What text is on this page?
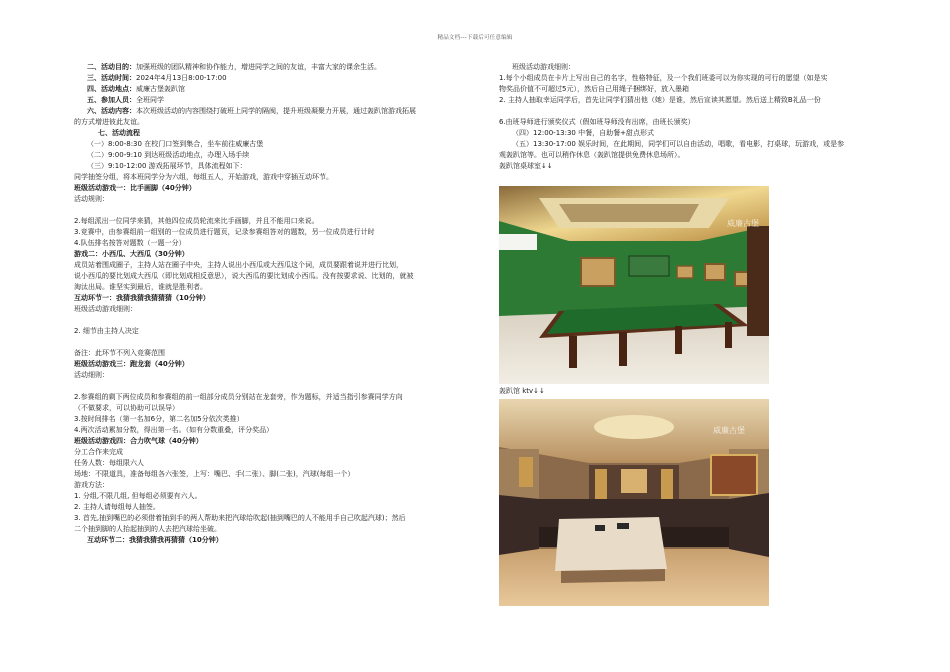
精品文档---下载后可任意编辑
二、活动目的：加强班级的团队精神和协作能力，增进同学之间的友谊，丰富大家的课余生活。
三、活动时间：2024年4月13日8:00-17:00
四、活动地点：威廉古堡轰趴馆
五、参加人员：全班同学
六、活动内容：本次班级活动的内容围绕打破班上同学的隔阂，提升班级凝聚力开展，通过轰趴馆游戏拓展
的方式增进彼此友谊。
七、活动流程
（一）8:00-8:30 在校门口签到集合，坐车前往威廉古堡
（二）9:00-9:10 到达班级活动地点，办理入场手续
（三）9:10-12:00 游戏拓展环节，具体流程如下：
同学抽签分组，将本班同学分为六组，每组五人，开始游戏，游戏中穿插互动环节。
班级活动游戏一：比手画脚（40分钟）
活动规则：
2.每组派出一位同学来猜，其他四位成员轮流来比手画脚，并且不能用口来说。
3.竞赛中，由参赛组前一组别的一位成员进行题页，记录参赛组答对的题数，另一位成员进行计时
4.队伍排名按答对题数（一题一分）
游戏二：小西瓜、大西瓜（30分钟）
成员站着围成圈子，主持人站在圈子中央，主持人说出小西瓜或大西瓜这个词，成员要跟着说并进行比划，
说小西瓜的要比划成大西瓜（即比划成相反意思），说大西瓜的要比划成小西瓜。没有按要求说、比划的，就被
淘汰出局。谁坚实到最后，谁就是胜利者。
互动环节一：我猜我猜我猜猜猜（10分钟）
班级活动游戏细则：
2. 细节由主持人决定
备注：此环节不列入竞赛范围
班级活动游戏三：跑龙套（40分钟）
活动细则：
2.参赛组的剩下两位成员和参赛组的前一组部分成员分别站在龙套旁，作为题标，并适当指引参赛同学方向
（不做要求，可以协助可以误导）
3.按时间排名（第一名加6分，第二名加5分依次类推）
4.两次活动累加分数，得出第一名。（如有分数重叠，评分奖品）
班级活动游戏四：合力吹气球（40分钟）
分工合作来完成
任务人数：每组限六人
场地：不限道具，准备每组各六张签，上写：嘴巴、手(二张）、脚(二张)，汽球(每组一个）
游戏方法：
1. 分组,不限几组, 但每组必须要有六人。
2. 主持人请每组每人抽签。
3. 首先,抽到嘴巴的必须借着抽到手的两人帮助来把汽球给吹起(抽到嘴巴的人不能用手自己吹起汽球)；然后
二个抽到脚的人抬起抽到的人去把汽球给坐破。
互动环节二：我猜我猜我再猜猜（10分钟）
班级活动游戏细则：
1.每个小组成员在卡片上写出自己的名字，性格特征，及一个我们班委可以为你实现的可行的愿望（如是实
物奖品价值不可超过5元），然后自己用绳子捆绑好，放入墨箱
2. 主持人抽取幸运同学后，首先让同学们猜出他（她）是谁，然后宣读其愿望。然后送上精致B礼品一份
6.由班导师进行颁奖仪式（假如班导师没有出席，由班长颁奖）
（四）12:00-13:30 中餐，自助餐+甜点形式
（五）13:30-17:00 娱乐时间，在此期间，同学们可以自由活动，唱歌，看电影，打桌球，玩游戏，或是参
观轰趴馆等。也可以稍作休息（轰趴馆提供免费休息场所）。
轰趴馆桌球室↓↓
威廉古堡
轰趴馆 ktv↓↓
威廉古堡
